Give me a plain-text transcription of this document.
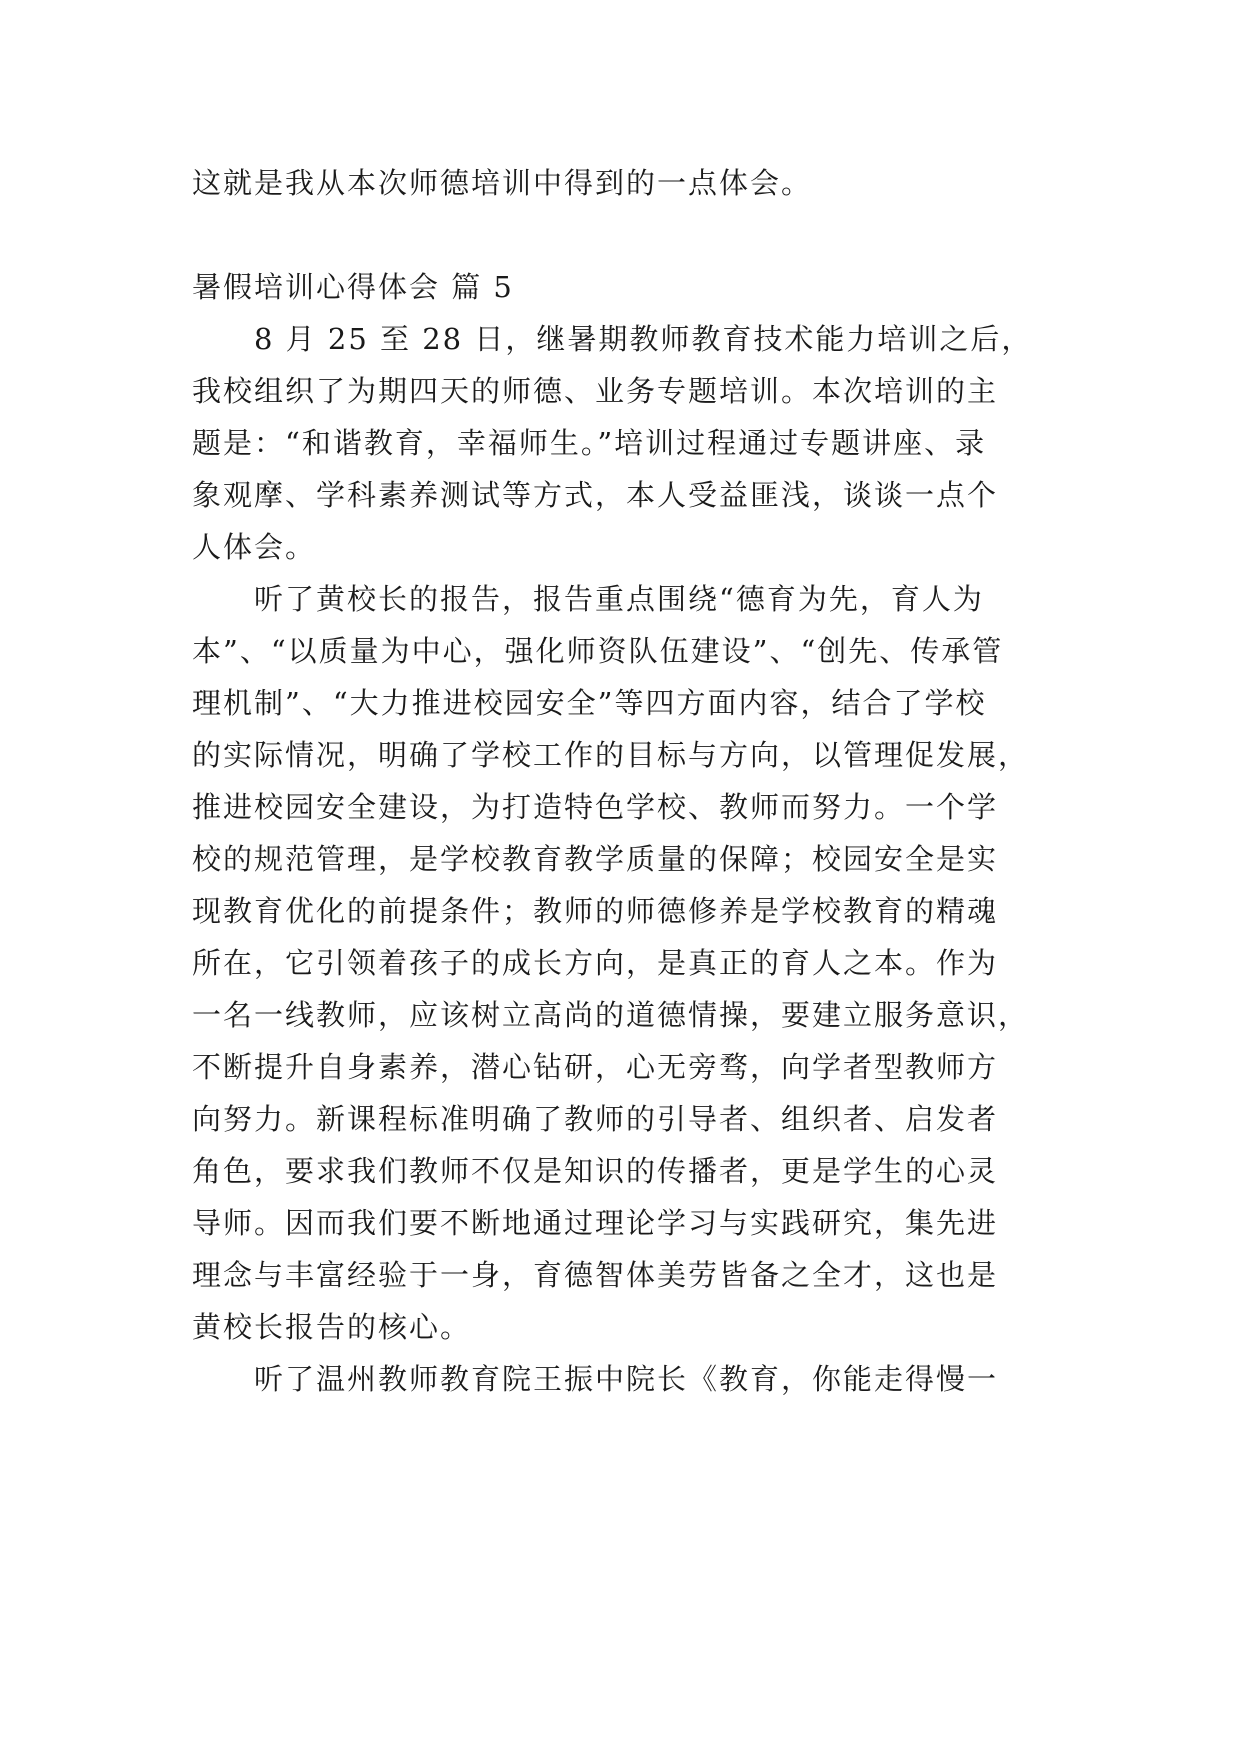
这就是我从本次师德培训中得到的一点体会。

暑假培训心得体会 篇 5

　　8 月 25 至 28 日，继暑期教师教育技术能力培训之后，

我校组织了为期四天的师德、业务专题培训。本次培训的主

题是：“和谐教育，幸福师生。”培训过程通过专题讲座、录

象观摩、学科素养测试等方式，本人受益匪浅，谈谈一点个

人体会。

　　听了黄校长的报告，报告重点围绕“德育为先，育人为

本”、“以质量为中心，强化师资队伍建设”、“创先、传承管

理机制”、“大力推进校园安全”等四方面内容，结合了学校

的实际情况，明确了学校工作的目标与方向，以管理促发展，

推进校园安全建设，为打造特色学校、教师而努力。一个学

校的规范管理，是学校教育教学质量的保障；校园安全是实

现教育优化的前提条件；教师的师德修养是学校教育的精魂

所在，它引领着孩子的成长方向，是真正的育人之本。作为

一名一线教师，应该树立高尚的道德情操，要建立服务意识，

不断提升自身素养，潜心钻研，心无旁骛，向学者型教师方

向努力。新课程标准明确了教师的引导者、组织者、启发者

角色，要求我们教师不仅是知识的传播者，更是学生的心灵

导师。因而我们要不断地通过理论学习与实践研究，集先进

理念与丰富经验于一身，育德智体美劳皆备之全才，这也是

黄校长报告的核心。

　　听了温州教师教育院王振中院长《教育，你能走得慢一
